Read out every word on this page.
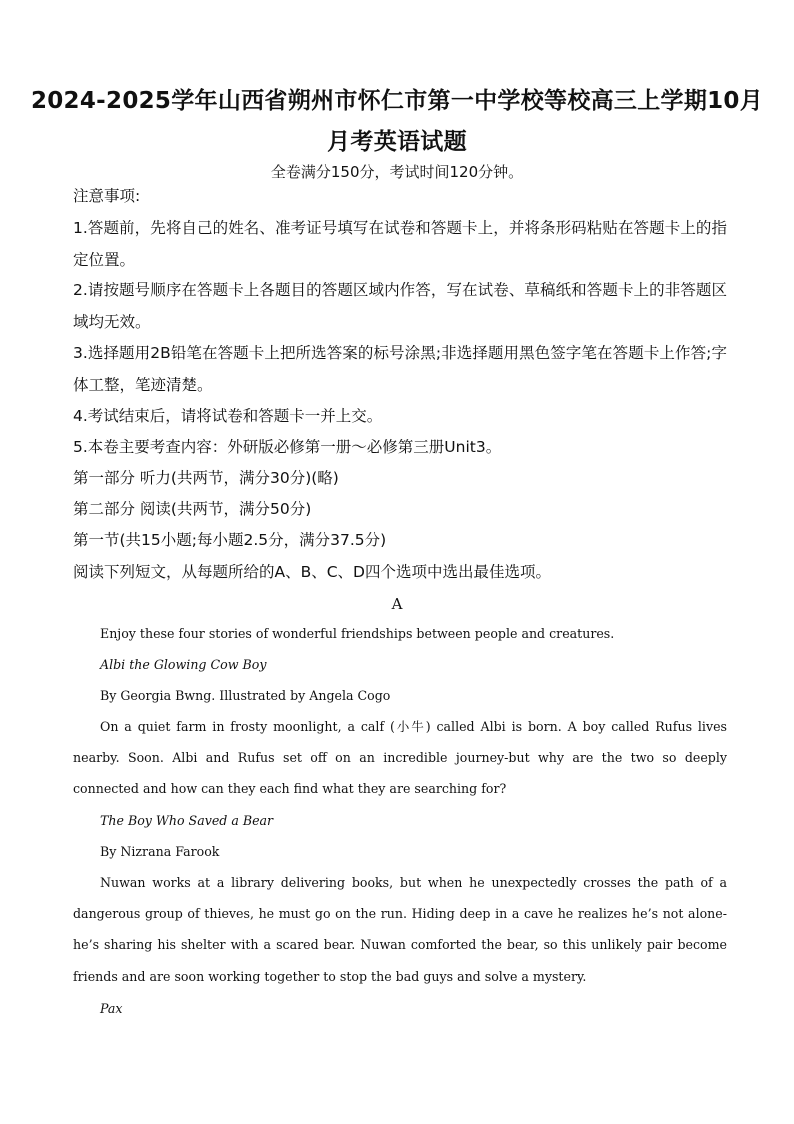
2024-2025学年山西省朔州市怀仁市第一中学校等校高三上学期10月
月考英语试题
全卷满分150分，考试时间120分钟。
注意事项:
1.答题前，先将自己的姓名、准考证号填写在试卷和答题卡上，并将条形码粘贴在答题卡上的指定位置。
2.请按题号顺序在答题卡上各题目的答题区域内作答，写在试卷、草稿纸和答题卡上的非答题区域均无效。
3.选择题用2B铅笔在答题卡上把所选答案的标号涂黑;非选择题用黑色签字笔在答题卡上作答;字体工整，笔迹清楚。
4.考试结束后，请将试卷和答题卡一并上交。
5.本卷主要考查内容：外研版必修第一册～必修第三册Unit3。
第一部分 听力(共两节，满分30分)(略)
第二部分 阅读(共两节，满分50分)
第一节(共15小题;每小题2.5分，满分37.5分)
阅读下列短文，从每题所给的A、B、C、D四个选项中选出最佳选项。
A
Enjoy these four stories of wonderful friendships between people and creatures.
Albi the Glowing Cow Boy
By Georgia Bwng. Illustrated by Angela Cogo
On a quiet farm in frosty moonlight, a calf (小牛) called Albi is born. A boy called Rufus lives nearby. Soon. Albi and Rufus set off on an incredible journey-but why are the two so deeply connected and how can they each find what they are searching for?
The Boy Who Saved a Bear
By Nizrana Farook
Nuwan works at a library delivering books, but when he unexpectedly crosses the path of a dangerous group of thieves, he must go on the run. Hiding deep in a cave he realizes he’s not alone-he’s sharing his shelter with a scared bear. Nuwan comforted the bear, so this unlikely pair become friends and are soon working together to stop the bad guys and solve a mystery.
Pax
